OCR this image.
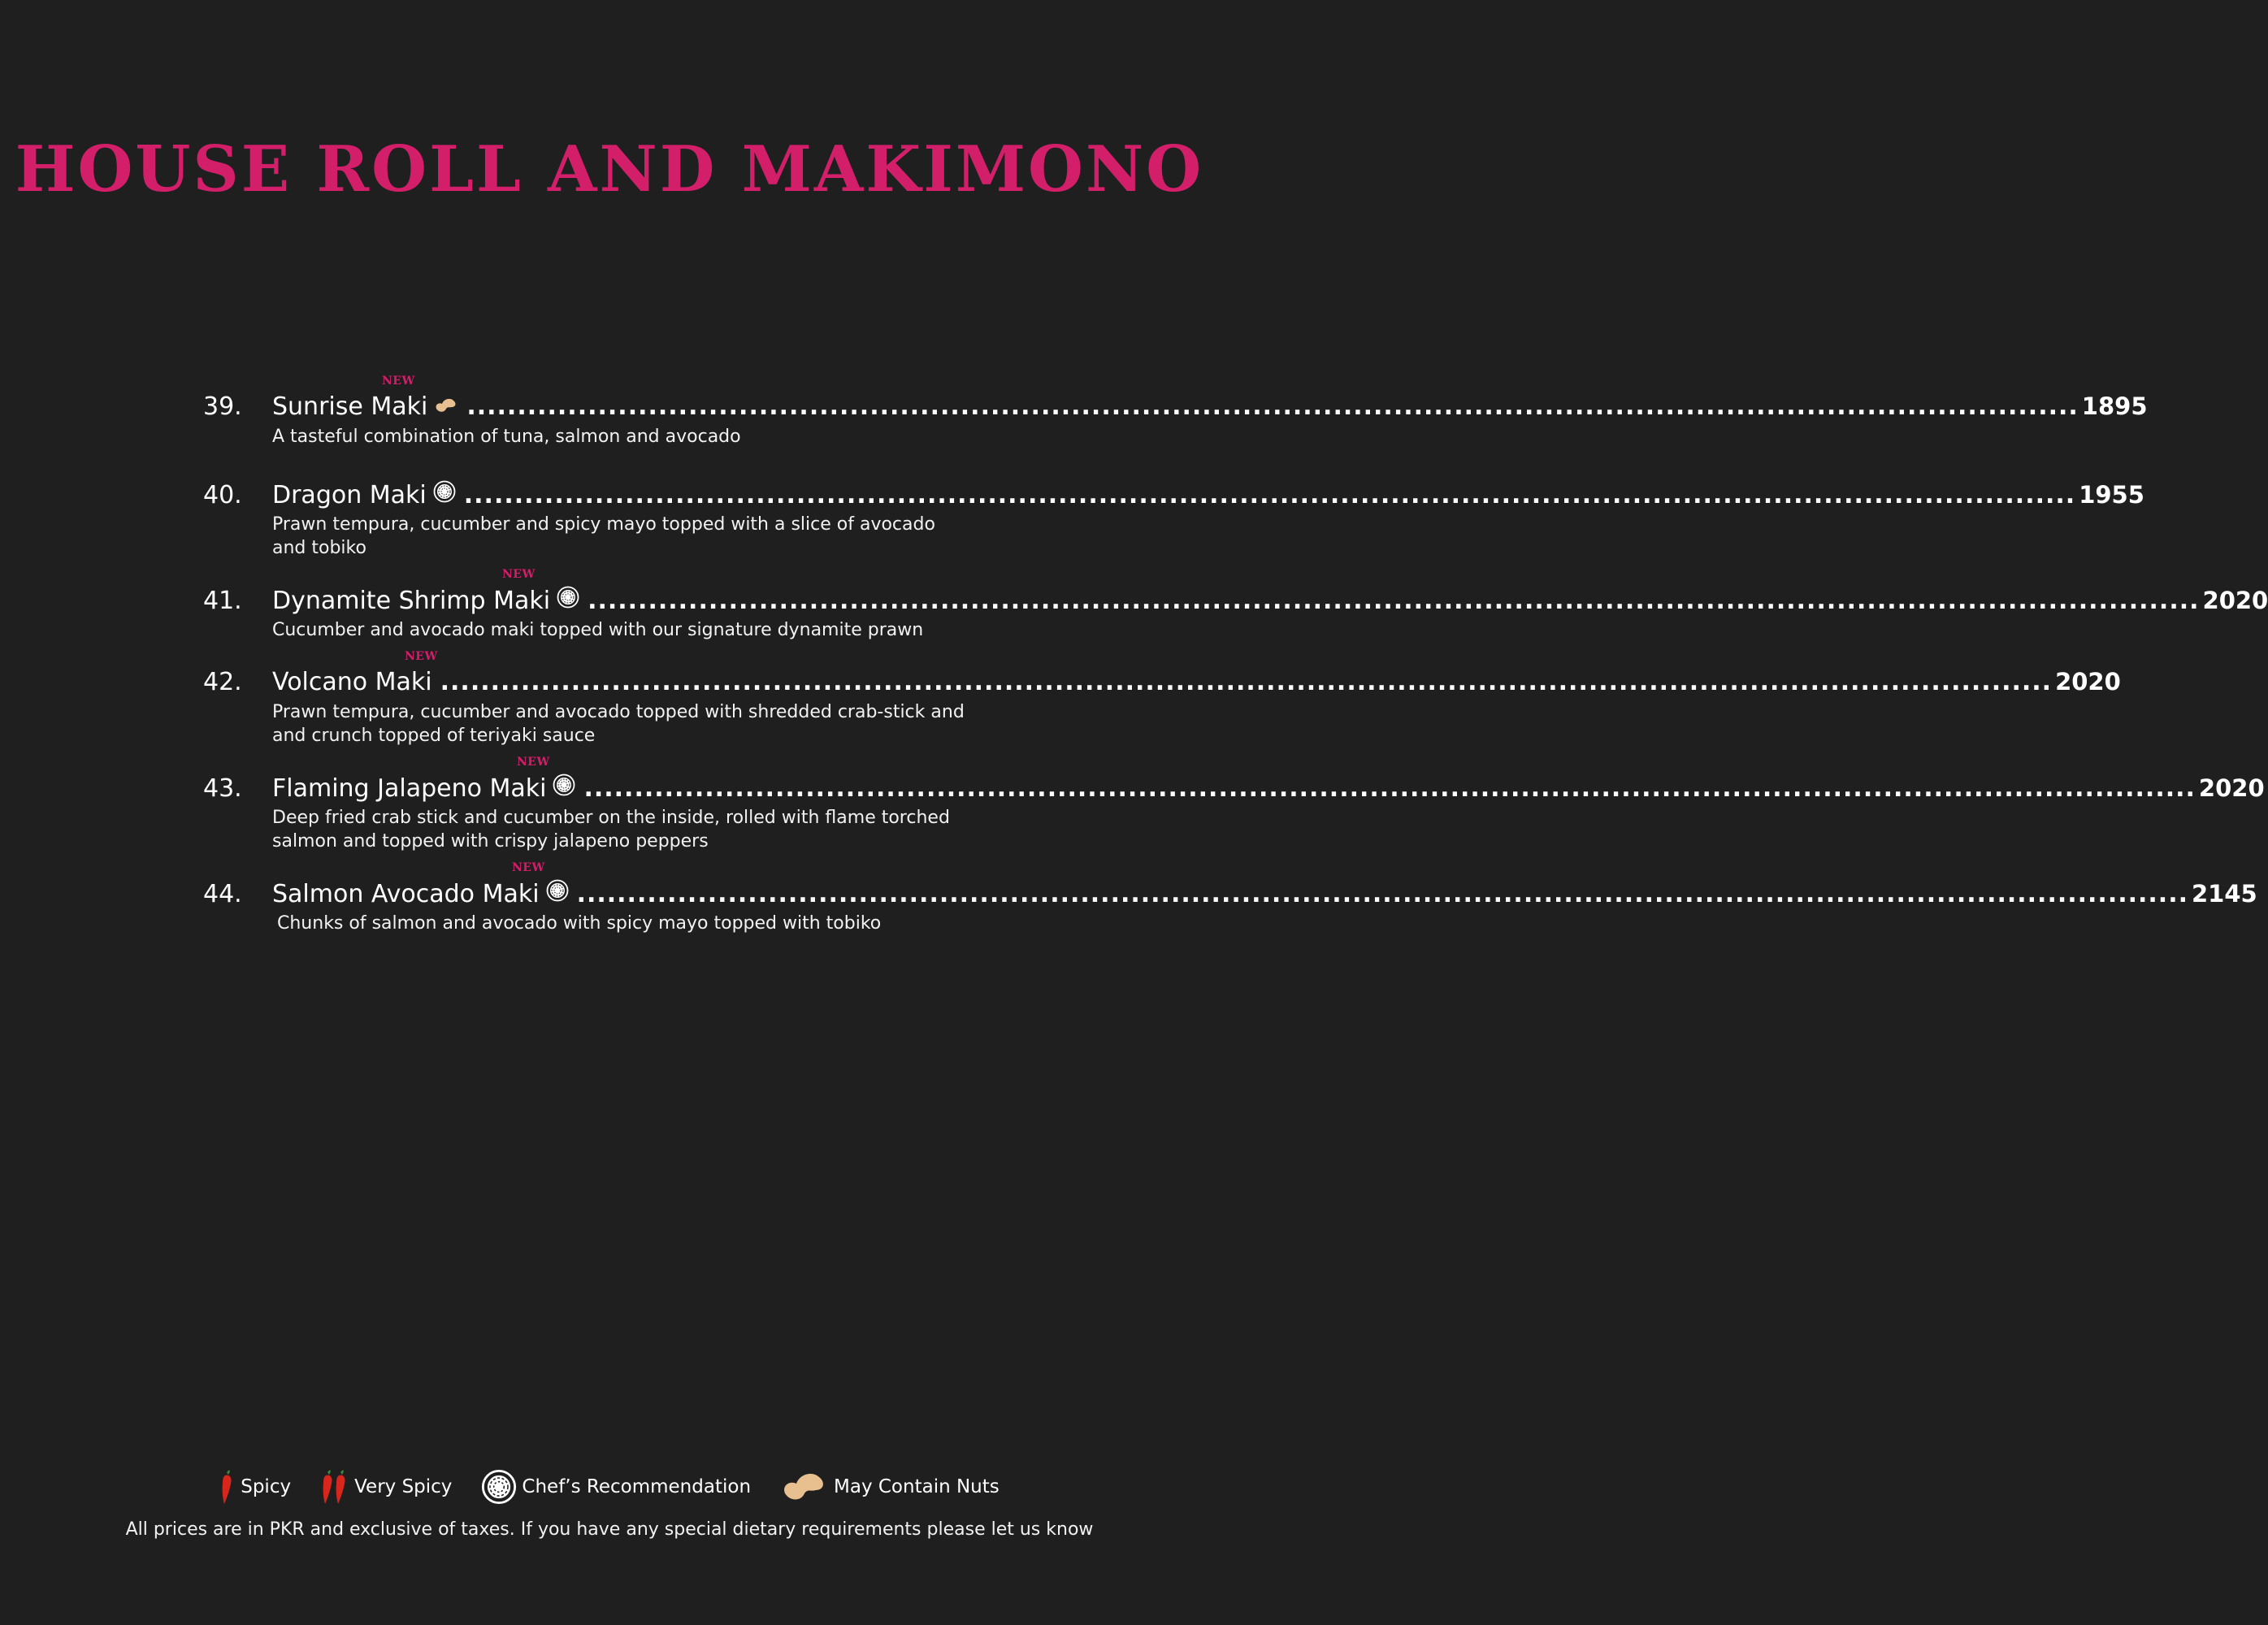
HOUSE ROLL AND MAKIMONO
NEW
39.	Sunrise Maki ................................................................................................................................................................ 1895
A tasteful combination of tuna, salmon and avocado
40.	Dragon Maki ................................................................................................................................................................ 1955
Prawn tempura, cucumber and spicy mayo topped with a slice of avocado
and tobiko
NEW
41.	Dynamite Shrimp Maki ................................................................................................................................................................ 2020
Cucumber and avocado maki topped with our signature dynamite prawn
NEW
42.	Volcano Maki ................................................................................................................................................................ 2020
Prawn tempura, cucumber and avocado topped with shredded crab-stick and
and crunch topped of teriyaki sauce
NEW
43.	Flaming Jalapeno Maki ................................................................................................................................................................ 2020
Deep fried crab stick and cucumber on the inside, rolled with flame torched
salmon and topped with crispy jalapeno peppers
NEW
44.	Salmon Avocado Maki ................................................................................................................................................................ 2145
Chunks of salmon and avocado with spicy mayo topped with tobiko
Spicy	Very Spicy	Chef’s Recommendation	May Contain Nuts
All prices are in PKR and exclusive of taxes. If you have any special dietary requirements please let us know
